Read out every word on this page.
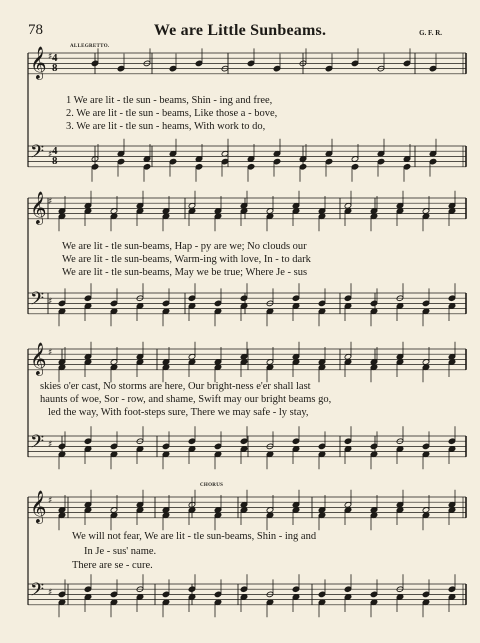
78	We are Little Sunbeams.	G. F. R.
𝄞
𝄢
♯
♯
𝄞
𝄢
♯
♯
𝄞
𝄢
♯
♯
𝄞
𝄢
♯
♯
4
8
4
8
ALLEGRETTO.
CHORUS
1 We are lit - tle sun - beams, Shin - ing and free,
2. We are lit - tle sun - beams, Like those a - bove,
3. We are lit - tle sun - heams, With work to do,
We are lit - tle sun-beams, Hap - py are we; No clouds our
We are lit - tle sun-beams, Warm-ing with love, In - to dark
We are lit - tle sun-beams, May we be true; Where Je - sus
skies o'er cast, No storms are here, Our bright-ness e'er shall last
haunts of woe, Sor - row, and shame, Swift may our bright beams go,
led the way, With foot-steps sure, There we may safe - ly stay,
We will not fear, We are lit - tle sun-beams, Shin - ing and
In Je - sus' name.
There are se - cure.
